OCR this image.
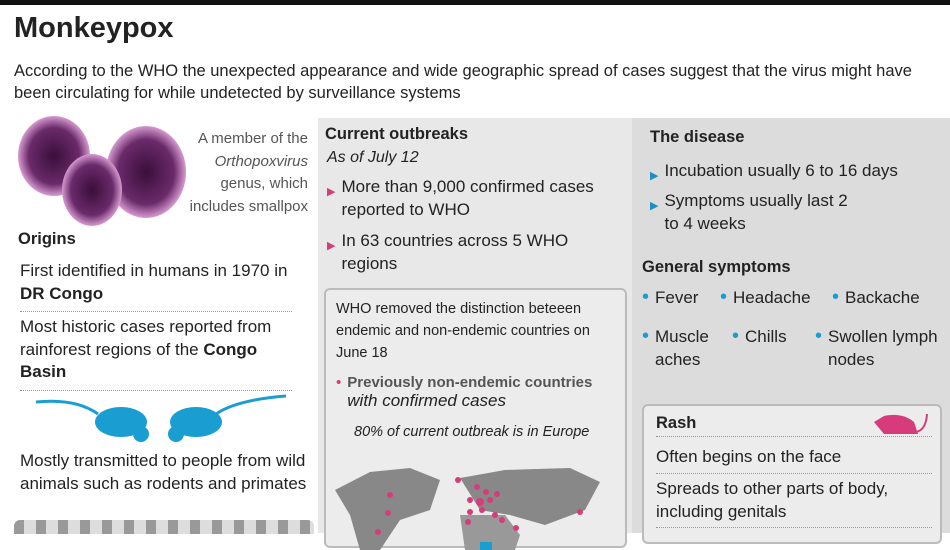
Monkeypox
According to the WHO the unexpected appearance and wide geographic spread of cases suggest that the virus might have been circulating for while undetected by surveillance systems
A member of the
Orthopoxvirus
genus, which
includes smallpox
Origins
First identified in humans in 1970 in DR Congo
Most historic cases reported from rainforest regions of the Congo Basin
Mostly transmitted to people from wild animals such as rodents and primates
Current outbreaks
As of July 12
▶ More than 9,000 confirmed cases reported to WHO
▶ In 63 countries across 5 WHO regions
WHO removed the distinction beteeen endemic and non-endemic countries on June 18
• Previously non-endemic countries
with confirmed cases
80% of current outbreak is in Europe
The disease
▶ Incubation usually 6 to 16 days
▶ Symptoms usually last 2 to 4 weeks
General symptoms
• Fever • Headache • Backache
• Muscle aches
• Chills • Swollen lymph nodes
Rash
Often begins on the face
Spreads to other parts of body, including genitals
